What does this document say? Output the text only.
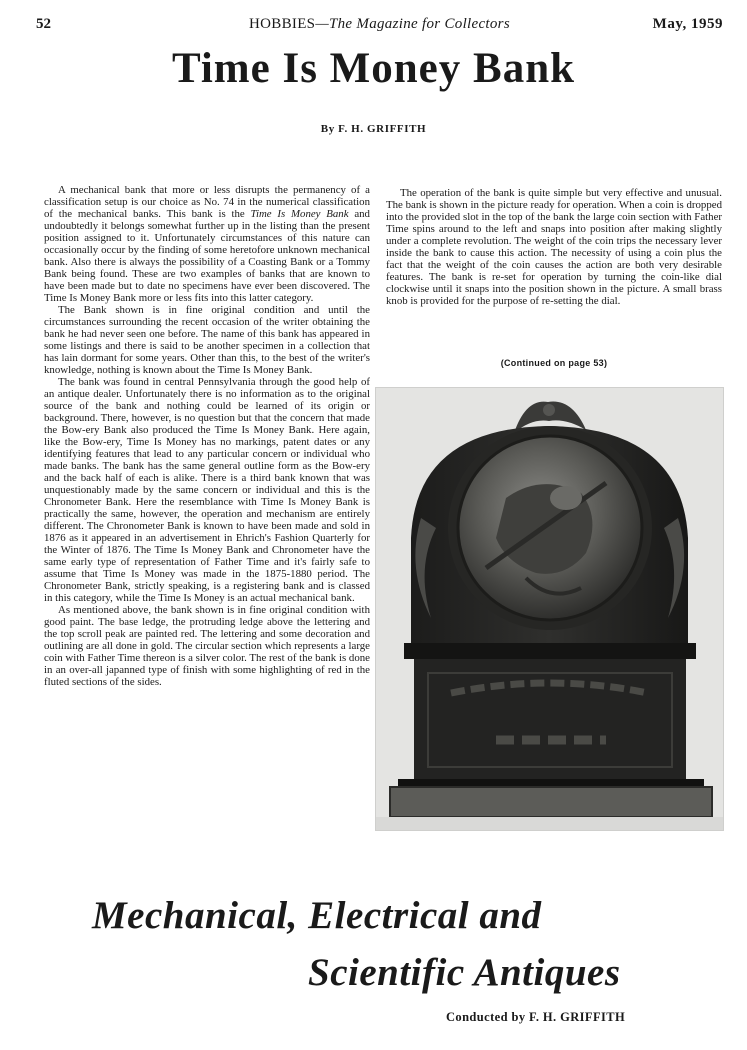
52	HOBBIES—The Magazine for Collectors	May, 1959
Time Is Money Bank
By F. H. GRIFFITH

A mechanical bank that more or less disrupts the permanency of a classification setup is our choice as No. 74 in the numerical classification of the mechanical banks. This bank is the Time Is Money Bank and undoubtedly it belongs somewhat further up in the listing than the present position assigned to it. Unfortunately circumstances of this nature can occasionally occur by the finding of some heretofore unknown mechanical bank. Also there is always the possibility of a Coasting Bank or a Tommy Bank being found. These are two examples of banks that are known to have been made but to date no specimens have ever been discovered. The Time Is Money Bank more or less fits into this latter category.

The Bank shown is in fine original condition and until the circumstances surrounding the recent occasion of the writer obtaining the bank he had never seen one before. The name of this bank has appeared in some listings and there is said to be another specimen in a collection that has lain dormant for some years. Other than this, to the best of the writer's knowledge, nothing is known about the Time Is Money Bank.

The bank was found in central Pennsylvania through the good help of an antique dealer. Unfortunately there is no information as to the original source of the bank and nothing could be learned of its origin or background. There, however, is no question but that the concern that made the Bow-ery Bank also produced the Time Is Money Bank. Here again, like the Bow-ery, Time Is Money has no markings, patent dates or any identifying features that lead to any particular concern or individual who made banks. The bank has the same general outline form as the Bow-ery and the back half of each is alike. There is a third bank known that was unquestionably made by the same concern or individual and this is the Chronometer Bank. Here the resemblance with Time Is Money Bank is practically the same, however, the operation and mechanism are entirely different. The Chronometer Bank is known to have been made and sold in 1876 as it appeared in an advertisement in Ehrich's Fashion Quarterly for the Winter of 1876. The Time Is Money Bank and Chronometer have the same early type of representation of Father Time and it's fairly safe to assume that Time Is Money was made in the 1875-1880 period. The Chronometer Bank, strictly speaking, is a registering bank and is classed in this category, while the Time Is Money is an actual mechanical bank.

As mentioned above, the bank shown is in fine original condition with good paint. The base ledge, the protruding ledge above the lettering and the top scroll peak are painted red. The lettering and some decoration and outlining are all done in gold. The circular section which represents a large coin with Father Time thereon is a silver color. The rest of the bank is done in an over-all japanned type of finish with some highlighting of red in the fluted sections of the sides.

The operation of the bank is quite simple but very effective and unusual. The bank is shown in the picture ready for operation. When a coin is dropped into the provided slot in the top of the bank the large coin section with Father Time spins around to the left and snaps into position after making slightly under a complete revolution. The weight of the coin trips the necessary lever inside the bank to cause this action. The necessity of using a coin plus the fact that the weight of the coin causes the action are both very desirable features. The bank is re-set for operation by turning the coin-like dial clockwise until it snaps into the position shown in the picture. A small brass knob is provided for the purpose of re-setting the dial.

(Continued on page 53)
Mechanical, Electrical and
Scientific Antiques
Conducted by F. H. GRIFFITH
